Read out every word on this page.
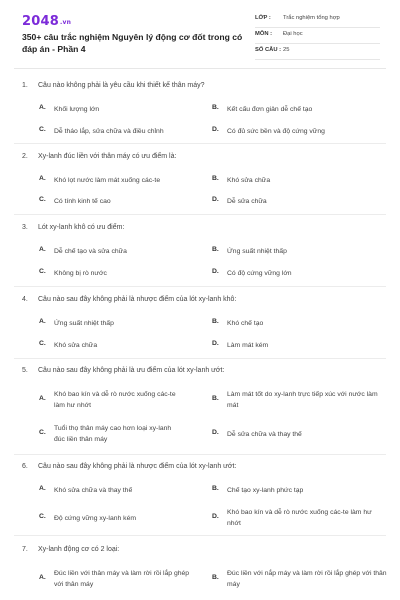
2048.vn
350+ câu trắc nghiệm Nguyên lý động cơ đốt trong có đáp án - Phần 4
LỚP : Trắc nghiệm tổng hợp
MÔN : Đại học
SỐ CÂU : 25
1. Câu nào không phải là yêu cầu khi thiết kế thân máy?
A. Khối lượng lớn	B. Kết cấu đơn giản dễ chế tạo
C. Dễ tháo lắp, sửa chữa và điều chỉnh	D. Có đủ sức bền và độ cứng vững
2. Xy-lanh đúc liền với thân máy có ưu điểm là:
A. Khó lọt nước làm mát xuống các-te	B. Khó sửa chữa
C. Có tính kinh tế cao	D. Dễ sửa chữa
3. Lót xy-lanh khô có ưu điểm:
A. Dễ chế tạo và sửa chữa	B. Ứng suất nhiệt thấp
C. Không bị rò nước	D. Có độ cứng vững lớn
4. Câu nào sau đây không phải là nhược điểm của lót xy-lanh khô:
A. Ứng suất nhiệt thấp	B. Khó chế tạo
C. Khó sửa chữa	D. Làm mát kém
5. Câu nào sau đây không phải là ưu điểm của lót xy-lanh ướt:
A.
Khó bao kín và dễ rò nước xuống các-te làm hư nhớt
B.
Làm mát tốt do xy-lanh trực tiếp xúc với nước làm mát
C.
Tuổi thọ thân máy cao hơn loại xy-lanh đúc liền thân máy
D. Dễ sửa chữa và thay thế
6. Câu nào sau đây không phải là nhược điểm của lót xy-lanh ướt:
A. Khó sửa chữa và thay thế	B. Chế tạo xy-lanh phức tạp
C. Độ cứng vững xy-lanh kém	D.
Khó bao kín và dễ rò nước xuống các-te làm hư nhớt
7. Xy-lanh động cơ có 2 loại:
A.
Đúc liền với thân máy và làm rời rồi lắp ghép với thân máy
B.
Đúc liền với nắp máy và làm rời rồi lắp ghép với thân máy
